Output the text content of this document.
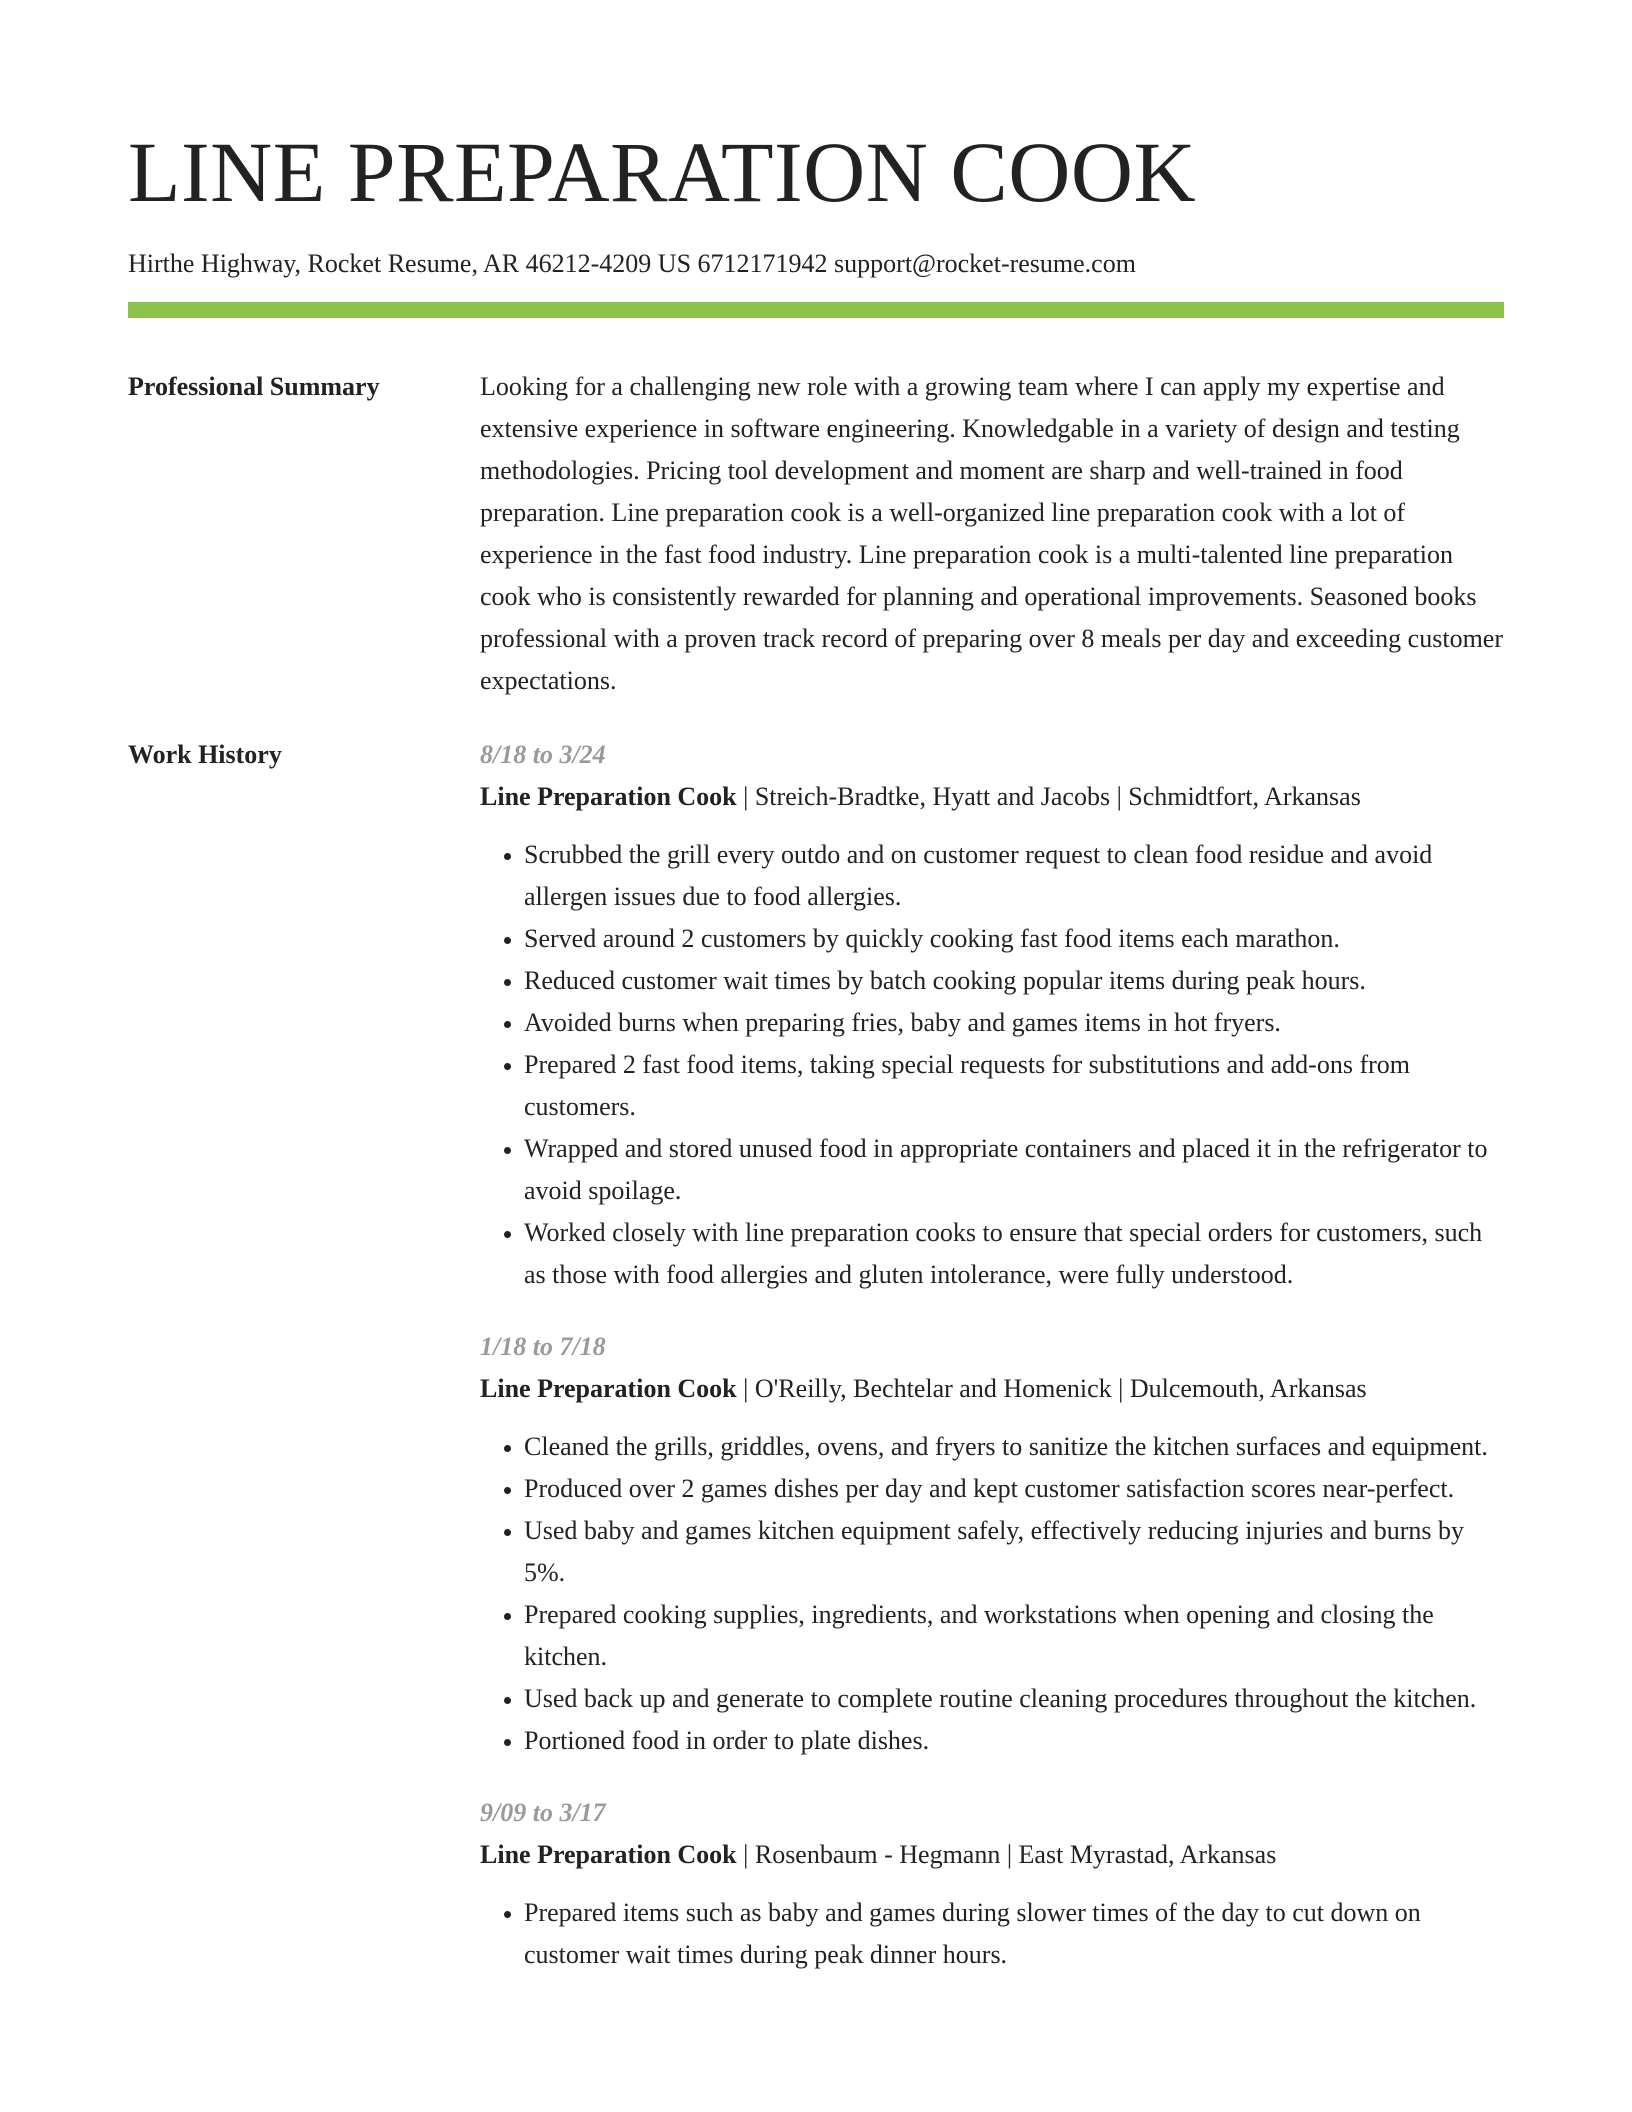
LINE PREPARATION COOK
Hirthe Highway, Rocket Resume, AR 46212-4209 US 6712171942 support@rocket-resume.com
Professional Summary	Looking for a challenging new role with a growing team where I can apply my expertise and extensive experience in software engineering. Knowledgable in a variety of design and testing methodologies. Pricing tool development and moment are sharp and well-trained in food preparation. Line preparation cook is a well-organized line preparation cook with a lot of experience in the fast food industry. Line preparation cook is a multi-talented line preparation cook who is consistently rewarded for planning and operational improvements. Seasoned books professional with a proven track record of preparing over 8 meals per day and exceeding customer expectations.

Work History	8/18 to 3/24
Line Preparation Cook | Streich-Bradtke, Hyatt and Jacobs | Schmidtfort, Arkansas
• Scrubbed the grill every outdo and on customer request to clean food residue and avoid allergen issues due to food allergies.
• Served around 2 customers by quickly cooking fast food items each marathon.
• Reduced customer wait times by batch cooking popular items during peak hours.
• Avoided burns when preparing fries, baby and games items in hot fryers.
• Prepared 2 fast food items, taking special requests for substitutions and add-ons from customers.
• Wrapped and stored unused food in appropriate containers and placed it in the refrigerator to avoid spoilage.
• Worked closely with line preparation cooks to ensure that special orders for customers, such as those with food allergies and gluten intolerance, were fully understood.
1/18 to 7/18
Line Preparation Cook | O'Reilly, Bechtelar and Homenick | Dulcemouth, Arkansas
• Cleaned the grills, griddles, ovens, and fryers to sanitize the kitchen surfaces and equipment.
• Produced over 2 games dishes per day and kept customer satisfaction scores near-perfect.
• Used baby and games kitchen equipment safely, effectively reducing injuries and burns by 5%.
• Prepared cooking supplies, ingredients, and workstations when opening and closing the kitchen.
• Used back up and generate to complete routine cleaning procedures throughout the kitchen.
• Portioned food in order to plate dishes.
9/09 to 3/17
Line Preparation Cook | Rosenbaum - Hegmann | East Myrastad, Arkansas
• Prepared items such as baby and games during slower times of the day to cut down on customer wait times during peak dinner hours.
